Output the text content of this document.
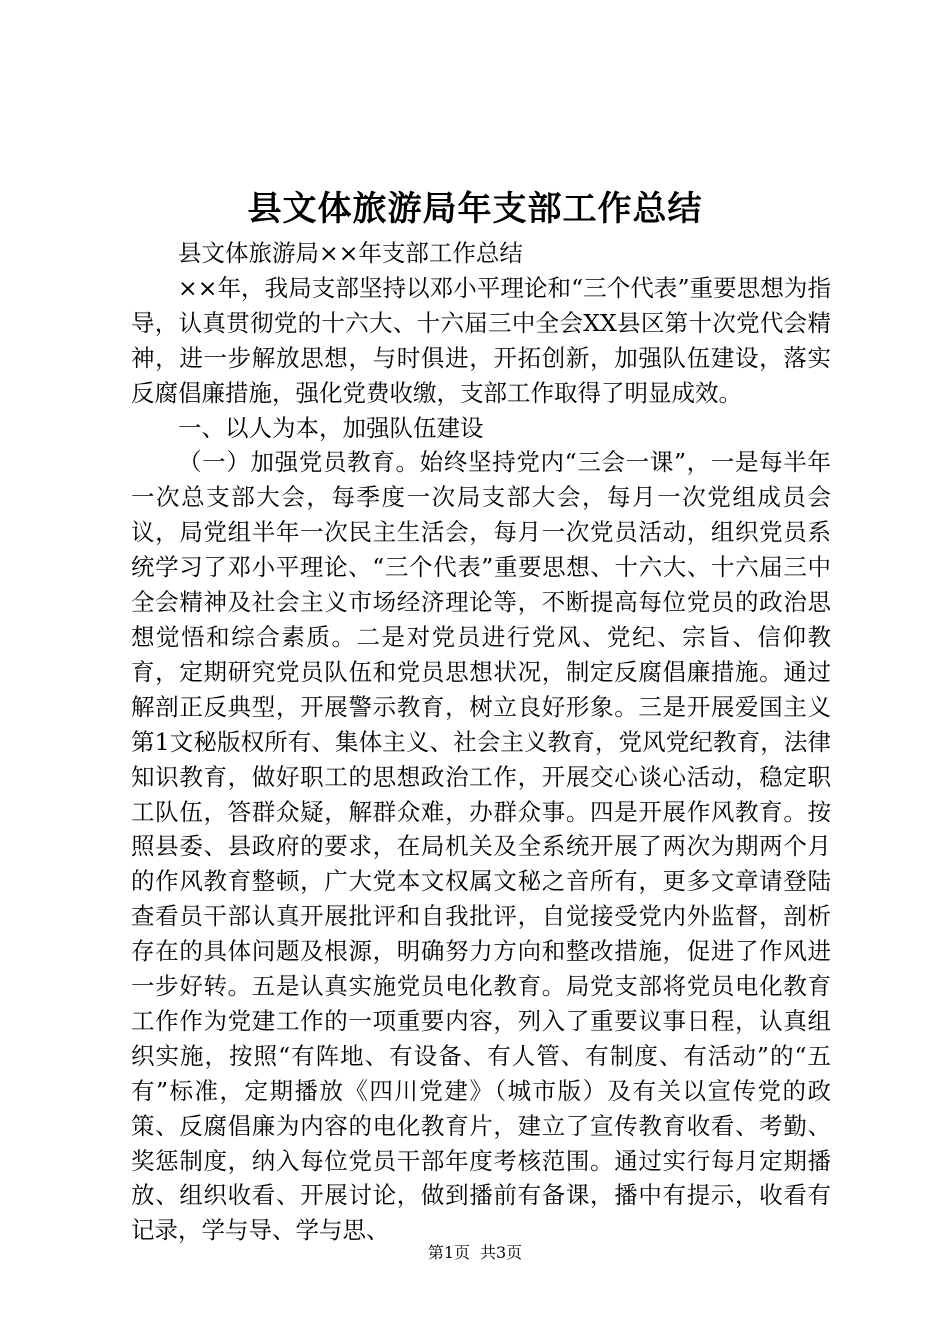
县文体旅游局年支部工作总结

县文体旅游局××年支部工作总结

××年，我局支部坚持以邓小平理论和“三个代表”重要思想为指导，认真贯彻党的十六大、十六届三中全会XX县区第十次党代会精神，进一步解放思想，与时俱进，开拓创新，加强队伍建设，落实反腐倡廉措施，强化党费收缴，支部工作取得了明显成效。

一、以人为本，加强队伍建设

（一）加强党员教育。始终坚持党内“三会一课”，一是每半年一次总支部大会，每季度一次局支部大会，每月一次党组成员会议，局党组半年一次民主生活会，每月一次党员活动，组织党员系统学习了邓小平理论、“三个代表”重要思想、十六大、十六届三中全会精神及社会主义市场经济理论等，不断提高每位党员的政治思想觉悟和综合素质。二是对党员进行党风、党纪、宗旨、信仰教育，定期研究党员队伍和党员思想状况，制定反腐倡廉措施。通过解剖正反典型，开展警示教育，树立良好形象。三是开展爱国主义第1文秘版权所有、集体主义、社会主义教育，党风党纪教育，法律知识教育，做好职工的思想政治工作，开展交心谈心活动，稳定职工队伍，答群众疑，解群众难，办群众事。四是开展作风教育。按照县委、县政府的要求，在局机关及全系统开展了两次为期两个月的作风教育整顿，广大党本文权属文秘之音所有，更多文章请登陆查看员干部认真开展批评和自我批评，自觉接受党内外监督，剖析存在的具体问题及根源，明确努力方向和整改措施，促进了作风进一步好转。五是认真实施党员电化教育。局党支部将党员电化教育工作作为党建工作的一项重要内容，列入了重要议事日程，认真组织实施，按照“有阵地、有设备、有人管、有制度、有活动”的“五有”标准，定期播放《四川党建》（城市版）及有关以宣传党的政策、反腐倡廉为内容的电化教育片，建立了宣传教育收看、考勤、奖惩制度，纳入每位党员干部年度考核范围。通过实行每月定期播放、组织收看、开展讨论，做到播前有备课，播中有提示，收看有记录，学与导、学与思、

第1页 共3页
